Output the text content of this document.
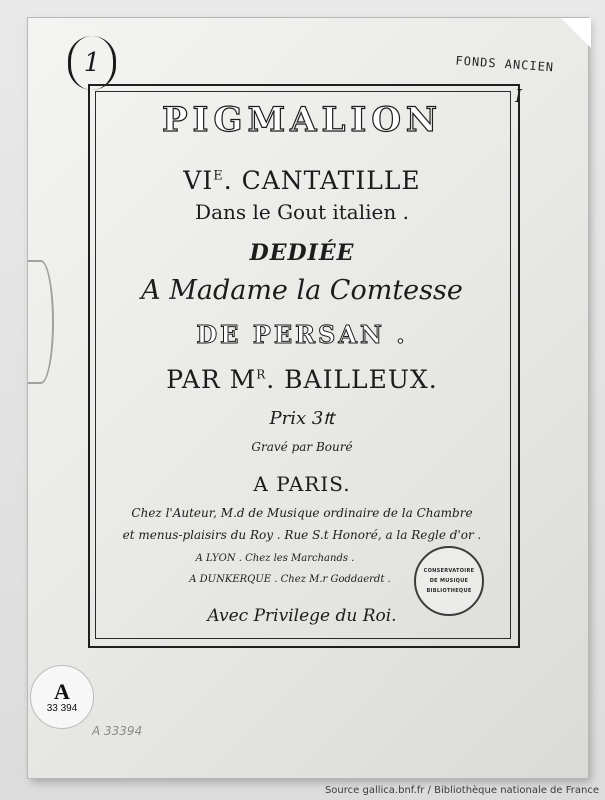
1	FONDS ANCIEN
I
PIGMALION
$VI^E$. CANTATILLE
Dans le Gout italien .
DEDIÉE
A Madame la Comtesse
DE PERSAN .
PAR $M^R$. BAILLEUX.
Prix 3₶
Gravé par Bouré
A PARIS.
Chez l'Auteur, M.d de Musique ordinaire de la Chambre
et menus-plaisirs du Roy . Rue S.t Honoré, a la Regle d'or .
A LYON . Chez les Marchands .
A DUNKERQUE . Chez M.r Goddaerdt .
Avec Privilege du Roi.
CONSERVATOIRE
DE MUSIQUE
BIBLIOTHEQUE
A
33 394
A 33394
Source gallica.bnf.fr / Bibliothèque nationale de France
